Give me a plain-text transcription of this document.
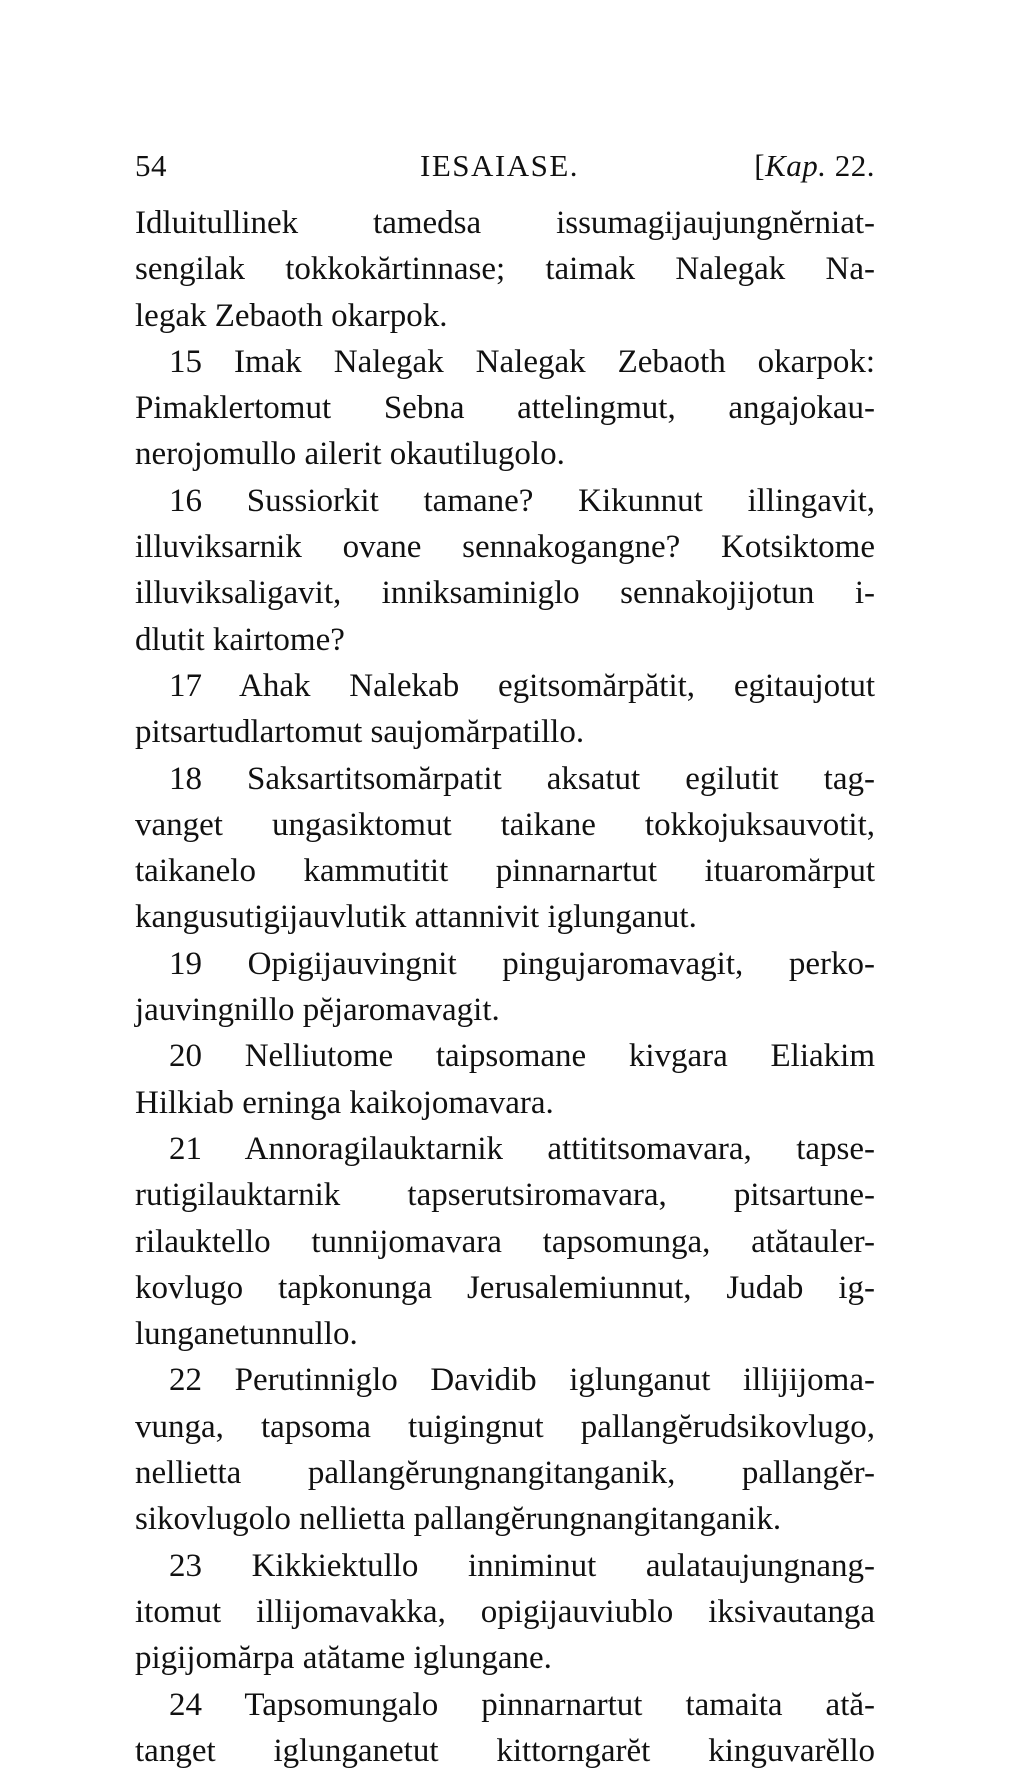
54	IESAIASE.	[Kap. 22.
Idluitullinek tamedsa issumagijaujungnĕrniat-
sengilak tokkokărtinnase; taimak Nalegak Na-
legak Zebaoth okarpok.
15 Imak Nalegak Nalegak Zebaoth okarpok:
Pimaklertomut Sebna attelingmut, angajokau-
nerojomullo ailerit okautilugolo.
16 Sussiorkit tamane? Kikunnut illingavit,
illuviksarnik ovane sennakogangne? Kotsiktome
illuviksaligavit, inniksaminiglo sennakojijotun i-
dlutit kairtome?
17 Ahak Nalekab egitsomărpătit, egitaujotut
pitsartudlartomut saujomărpatillo.
18 Saksartitsomărpatit aksatut egilutit tag-
vanget ungasiktomut taikane tokkojuksauvotit,
taikanelo kammutitit pinnarnartut ituaromărput
kangusutigijauvlutik attannivit iglunganut.
19 Opigijauvingnit pingujaromavagit, perko-
jauvingnillo pĕjaromavagit.
20 Nelliutome taipsomane kivgara Eliakim
Hilkiab erninga kaikojomavara.
21 Annoragilauktarnik attititsomavara, tapse-
rutigilauktarnik tapserutsiromavara, pitsartune-
rilauktello tunnijomavara tapsomunga, atătauler-
kovlugo tapkonunga Jerusalemiunnut, Judab ig-
lunganetunnullo.
22 Perutinniglo Davidib iglunganut illijijoma-
vunga, tapsoma tuigingnut pallangĕrudsikovlugo,
nellietta pallangĕrungnangitanganik, pallangĕr-
sikovlugolo nellietta pallangĕrungnangitanganik.
23 Kikkiektullo inniminut aulataujungnang-
itomut illijomavakka, opigijauviublo iksivautanga
pigijomărpa atătame iglungane.
24 Tapsomungalo pinnarnartut tamaita ată-
tanget iglunganetut kittorngarĕt kinguvarĕllo
